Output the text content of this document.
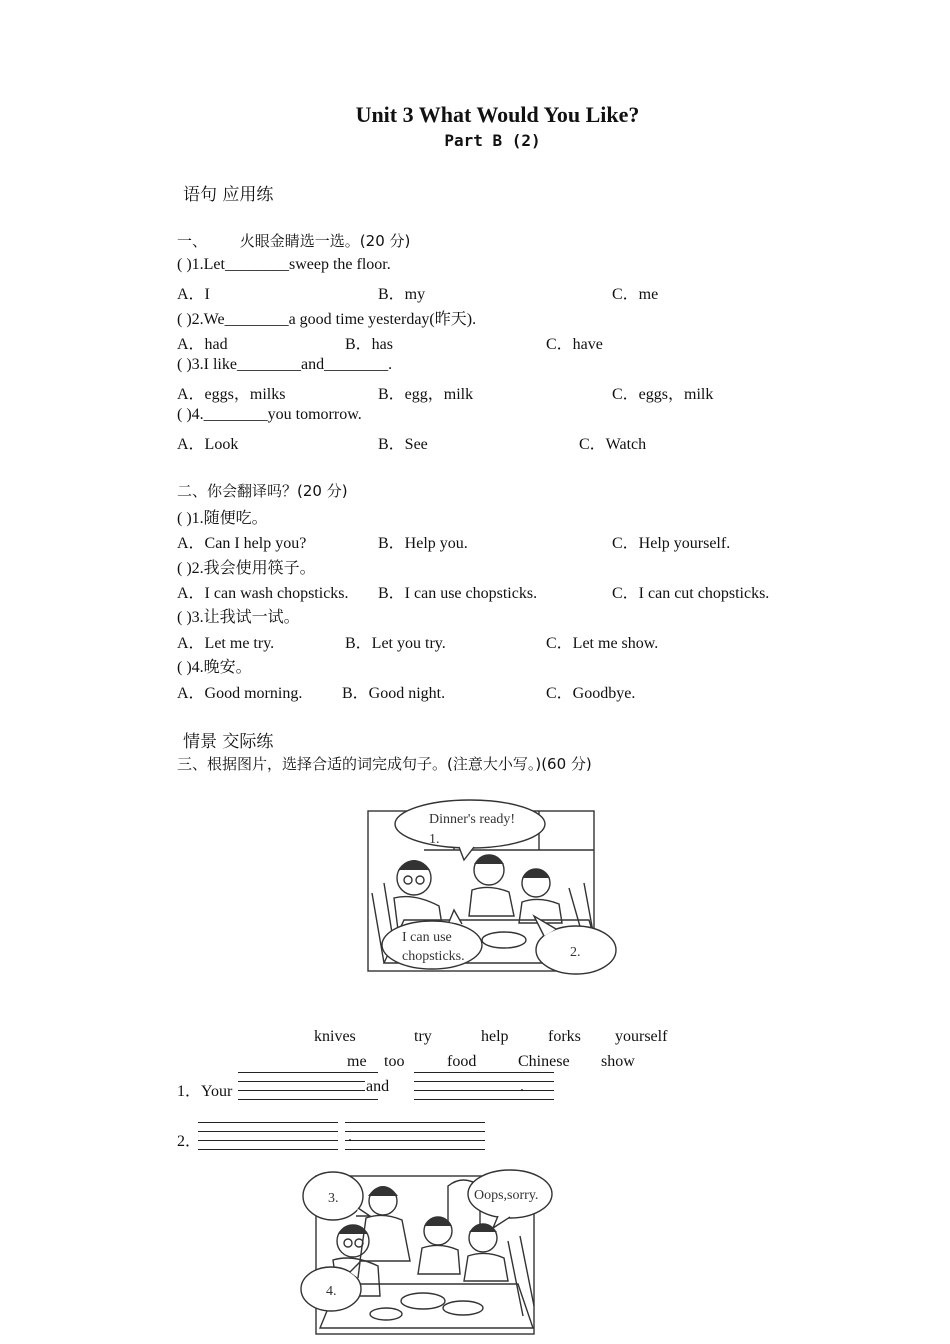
Unit 3 What Would You Like?
Part B (2)
语句 应用练
一、 火眼金睛选一选。(20 分)
( )1.Let________sweep the floor.
A．I	B．my	C．me
( )2.We________a good time yesterday(昨天).
A．had	B．has	C．have
( )3.I like________and________.
A．eggs，milks	B．egg，milk	C．eggs，milk
( )4.________you tomorrow.
A．Look	B．See	C．Watch
二、你会翻译吗？(20 分)
( )1.随便吃。
A．Can I help you?	B．Help you.	C．Help yourself.
( )2.我会使用筷子。
A．I can wash chopsticks. B．I can use chopsticks.	C．I can cut chopsticks.
( )3.让我试一试。
A．Let me try.	B．Let you try.	C．Let me show.
( )4.晚安。
A．Good morning. B．Good night.	C．Goodbye.
情景 交际练
三、根据图片，选择合适的词完成句子。(注意大小写。)(60 分)
Dinner's ready!
1.
I can use
chopsticks.	2.
knives	try	help forks yourself
me too	food	Chinese show
1．Your	and	.
2．	.
3.	Oops,sorry.
4.
